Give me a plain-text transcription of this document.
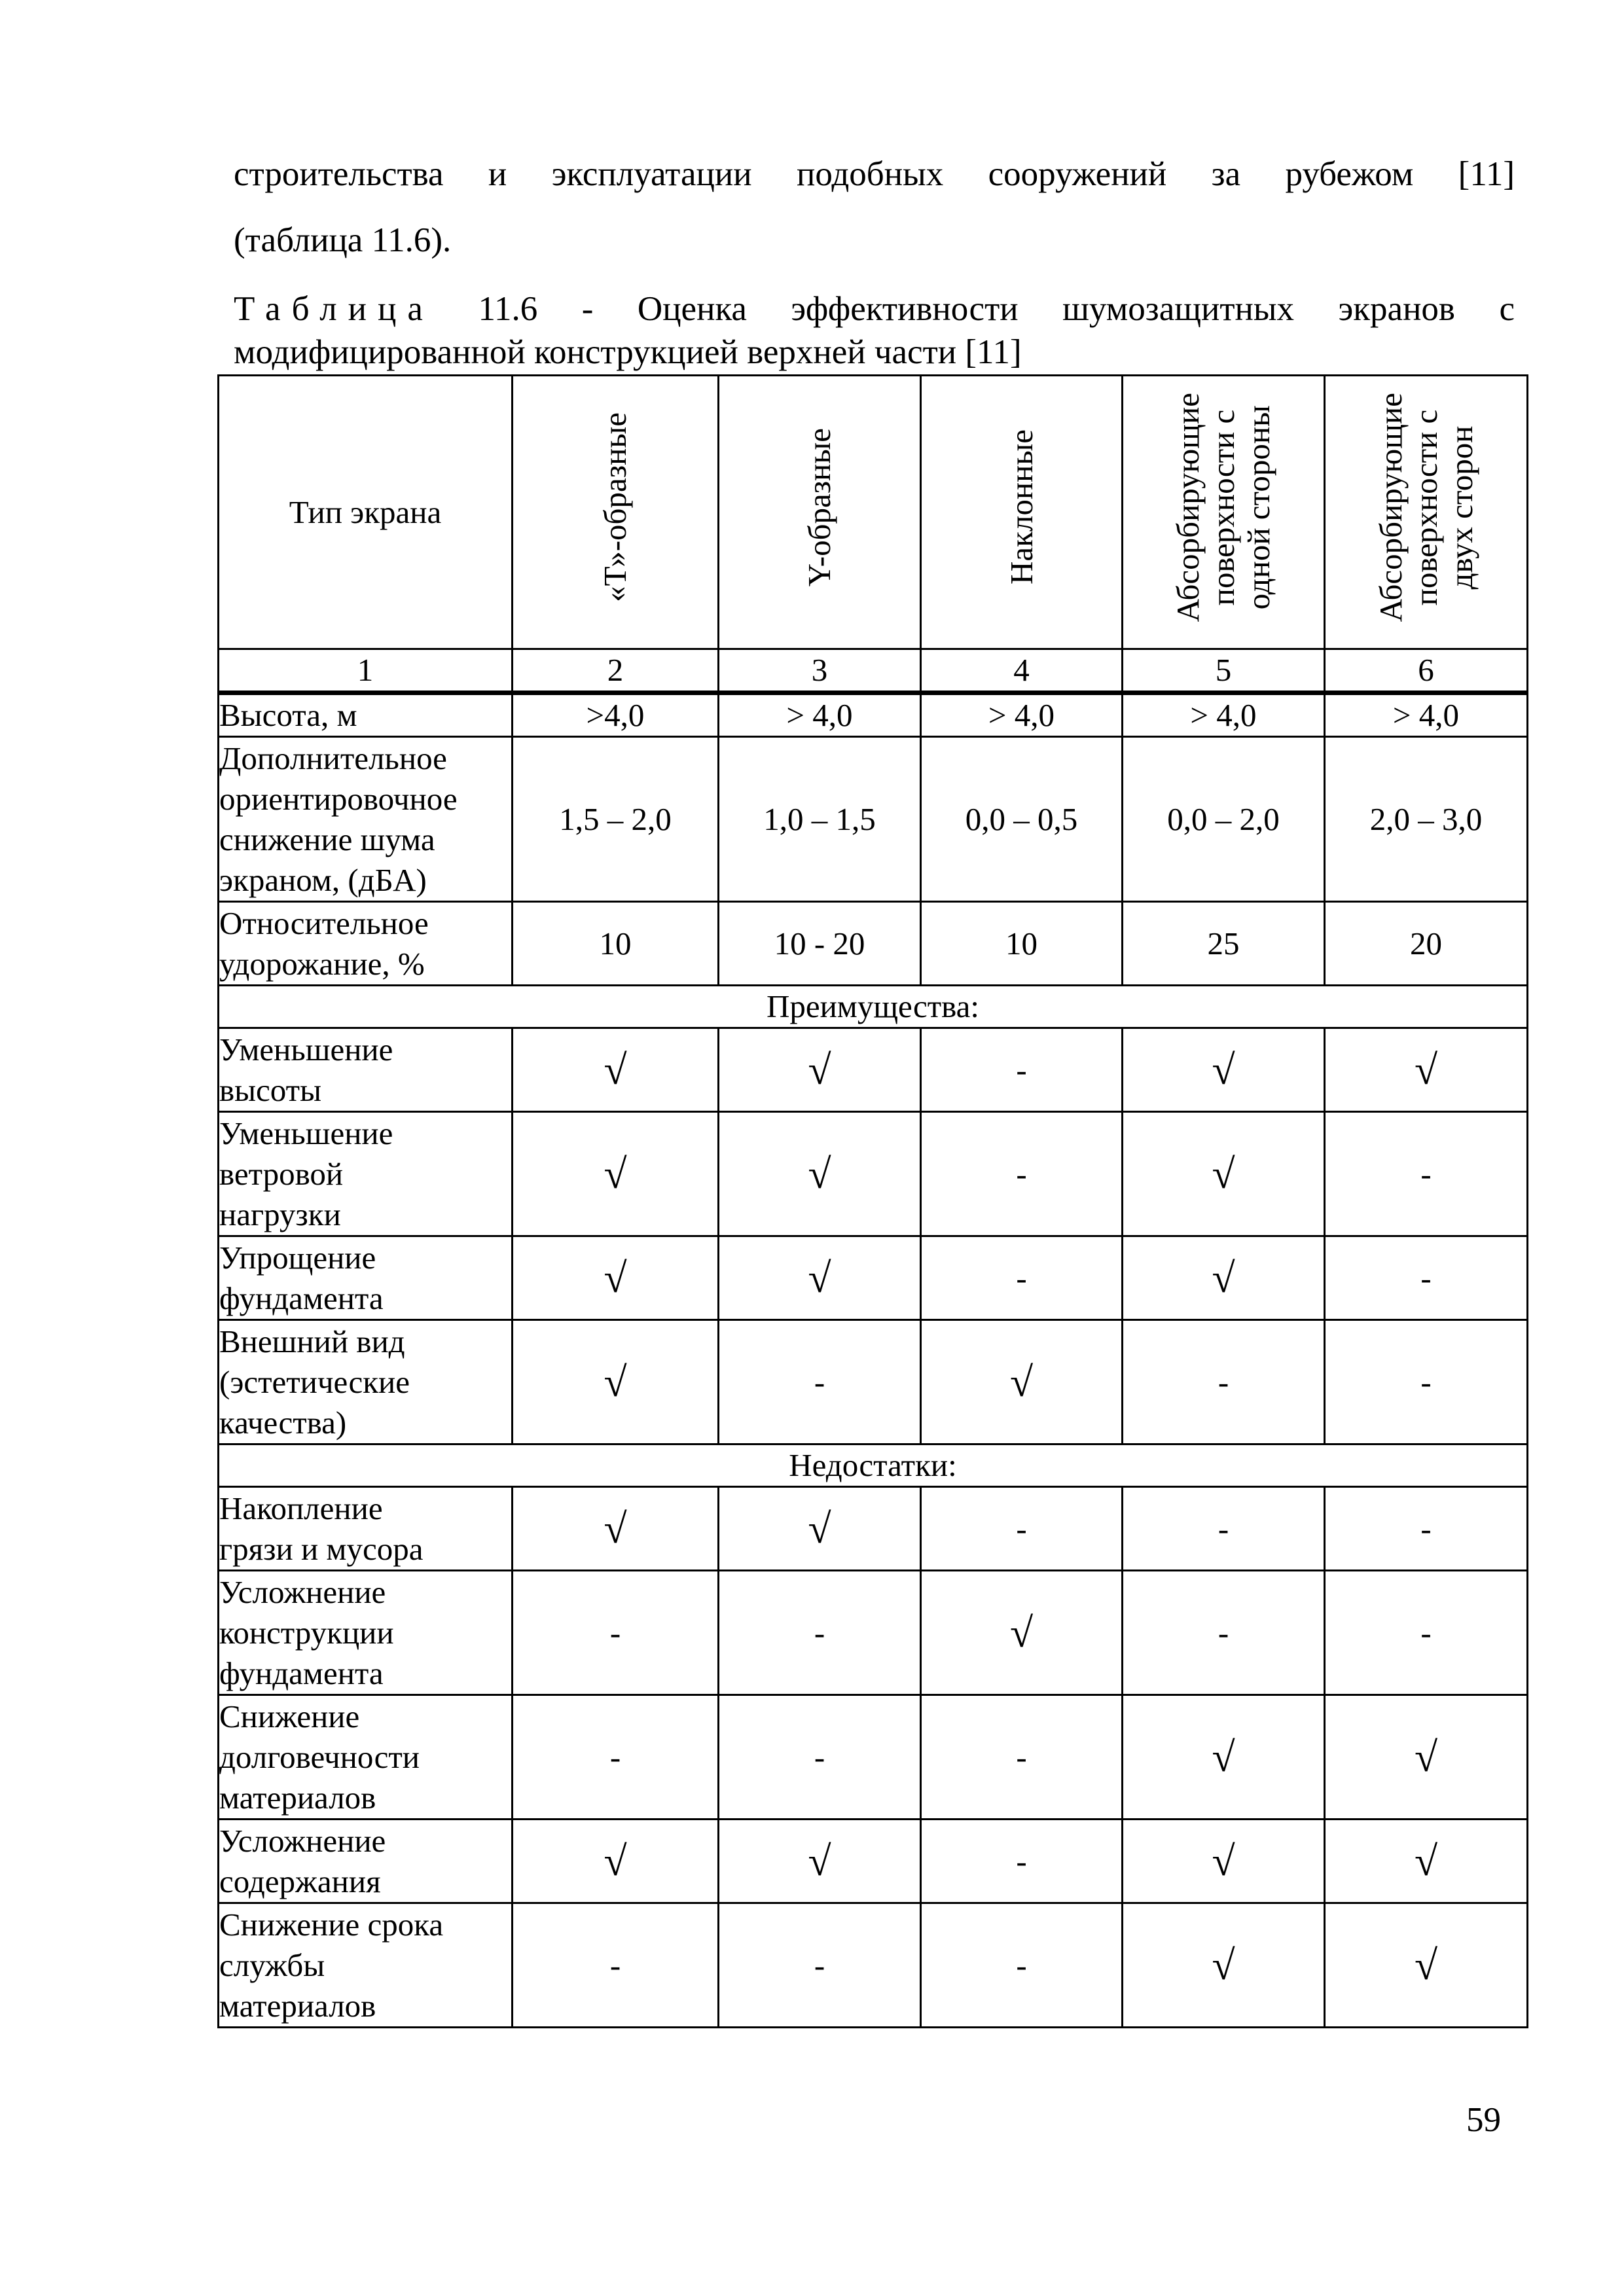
строительства и эксплуатации подобных сооружений за рубежом [11]

(таблица 11.6).

Таблица 11.6 - Оценка эффективности шумозащитных экранов с

модифицированной конструкцией верхней части [11]

Тип экрана	«Т»-образные	Y-образные	Наклонные	Абсорбирующие
поверхности с
одной стороны	Абсорбирующие
поверхности с
двух сторон
1	2	3	4	5	6
Высота, м	>4,0	> 4,0	> 4,0	> 4,0	> 4,0
Дополнительное
ориентировочное
снижение шума
экраном, (дБА)	1,5 – 2,0	1,0 – 1,5	0,0 – 0,5	0,0 – 2,0	2,0 – 3,0
Относительное
удорожание, %	10	10 - 20	10	25	20
Преимущества:					
Уменьшение
высоты	√	√	-	√	√
Уменьшение
ветровой
нагрузки	√	√	-	√	-
Упрощение
фундамента	√	√	-	√	-
Внешний вид
(эстетические
качества)	√	-	√	-	-
Недостатки:					
Накопление
грязи и мусора	√	√	-	-	-
Усложнение
конструкции
фундамента	-	-	√	-	-
Снижение
долговечности
материалов	-	-	-	√	√
Усложнение
содержания	√	√	-	√	√
Снижение срока
службы
материалов	-	-	-	√	√
59
